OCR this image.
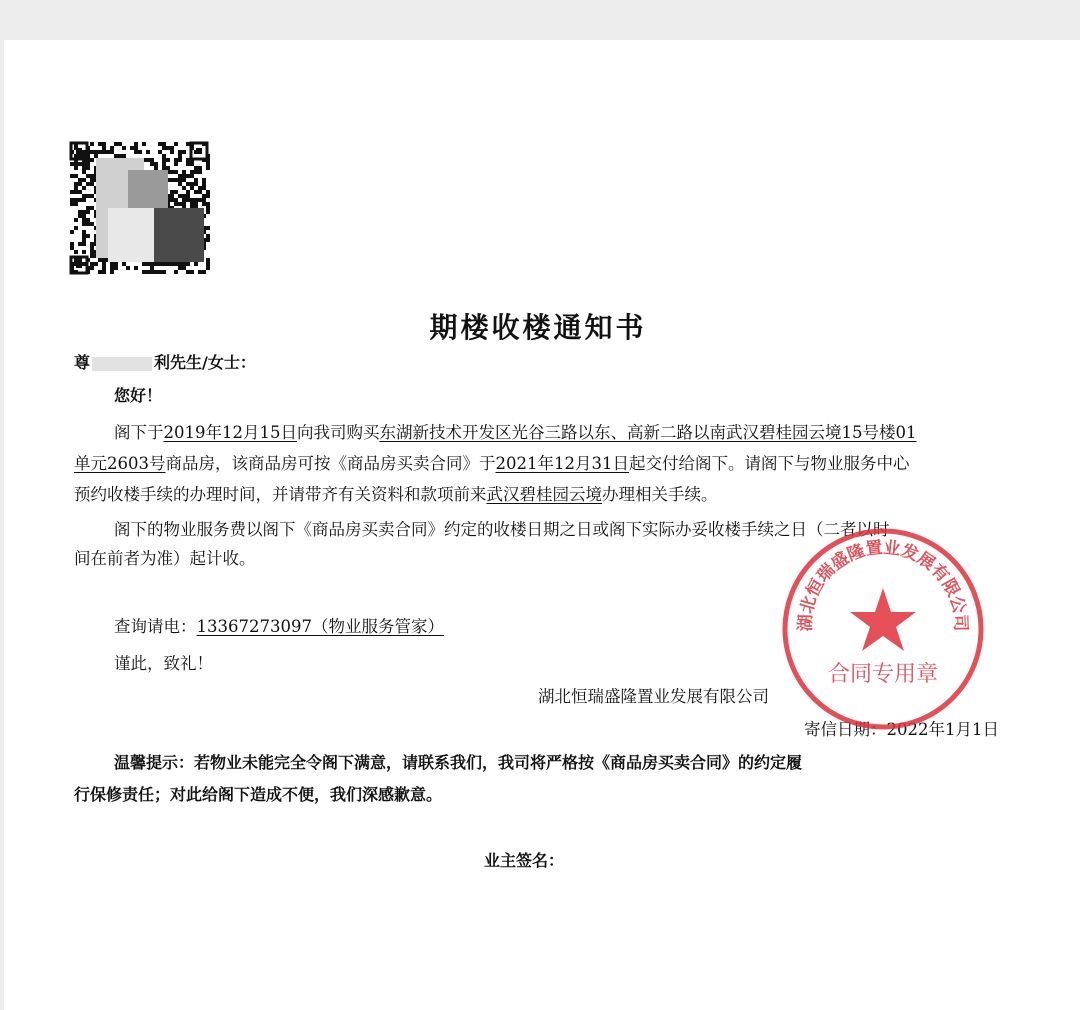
期楼收楼通知书
尊	利先生/女士：
您好！
阁下于2019年12月15日向我司购买东湖新技术开发区光谷三路以东、高新二路以南武汉碧桂园云境15号楼01
单元2603号商品房，该商品房可按《商品房买卖合同》于2021年12月31日起交付给阁下。请阁下与物业服务中心
预约收楼手续的办理时间，并请带齐有关资料和款项前来武汉碧桂园云境办理相关手续。
阁下的物业服务费以阁下《商品房买卖合同》约定的收楼日期之日或阁下实际办妥收楼手续之日（二者以时
间在前者为准）起计收。
查询请电：13367273097（物业服务管家）
谨此，致礼！
湖北恒瑞盛隆置业发展有限公司
寄信日期：2022年1月1日
温馨提示：若物业未能完全令阁下满意，请联系我们，我司将严格按《商品房买卖合同》的约定履
行保修责任；对此给阁下造成不便，我们深感歉意。
业主签名：
湖北恒瑞盛隆置业发展有限公司
合同专用章
